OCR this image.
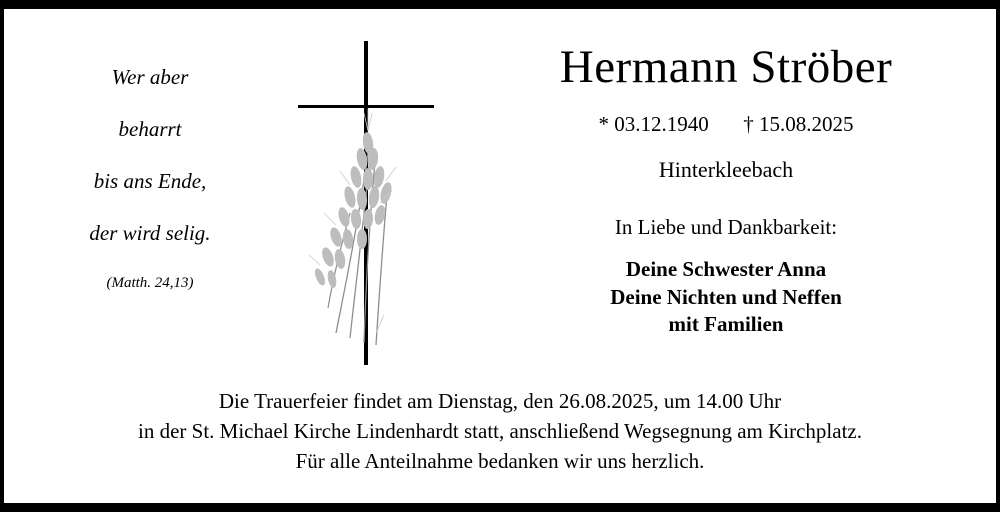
Wer aber
beharrt
bis ans Ende,
der wird selig.
(Matth. 24,13)
Hermann Ströber
* 03.12.1940 † 15.08.2025
Hinterkleebach
In Liebe und Dankbarkeit:
Deine Schwester Anna
Deine Nichten und Neffen
mit Familien
Die Trauerfeier findet am Dienstag, den 26.08.2025, um 14.00 Uhr
in der St. Michael Kirche Lindenhardt statt, anschließend Wegsegnung am Kirchplatz.
Für alle Anteilnahme bedanken wir uns herzlich.
